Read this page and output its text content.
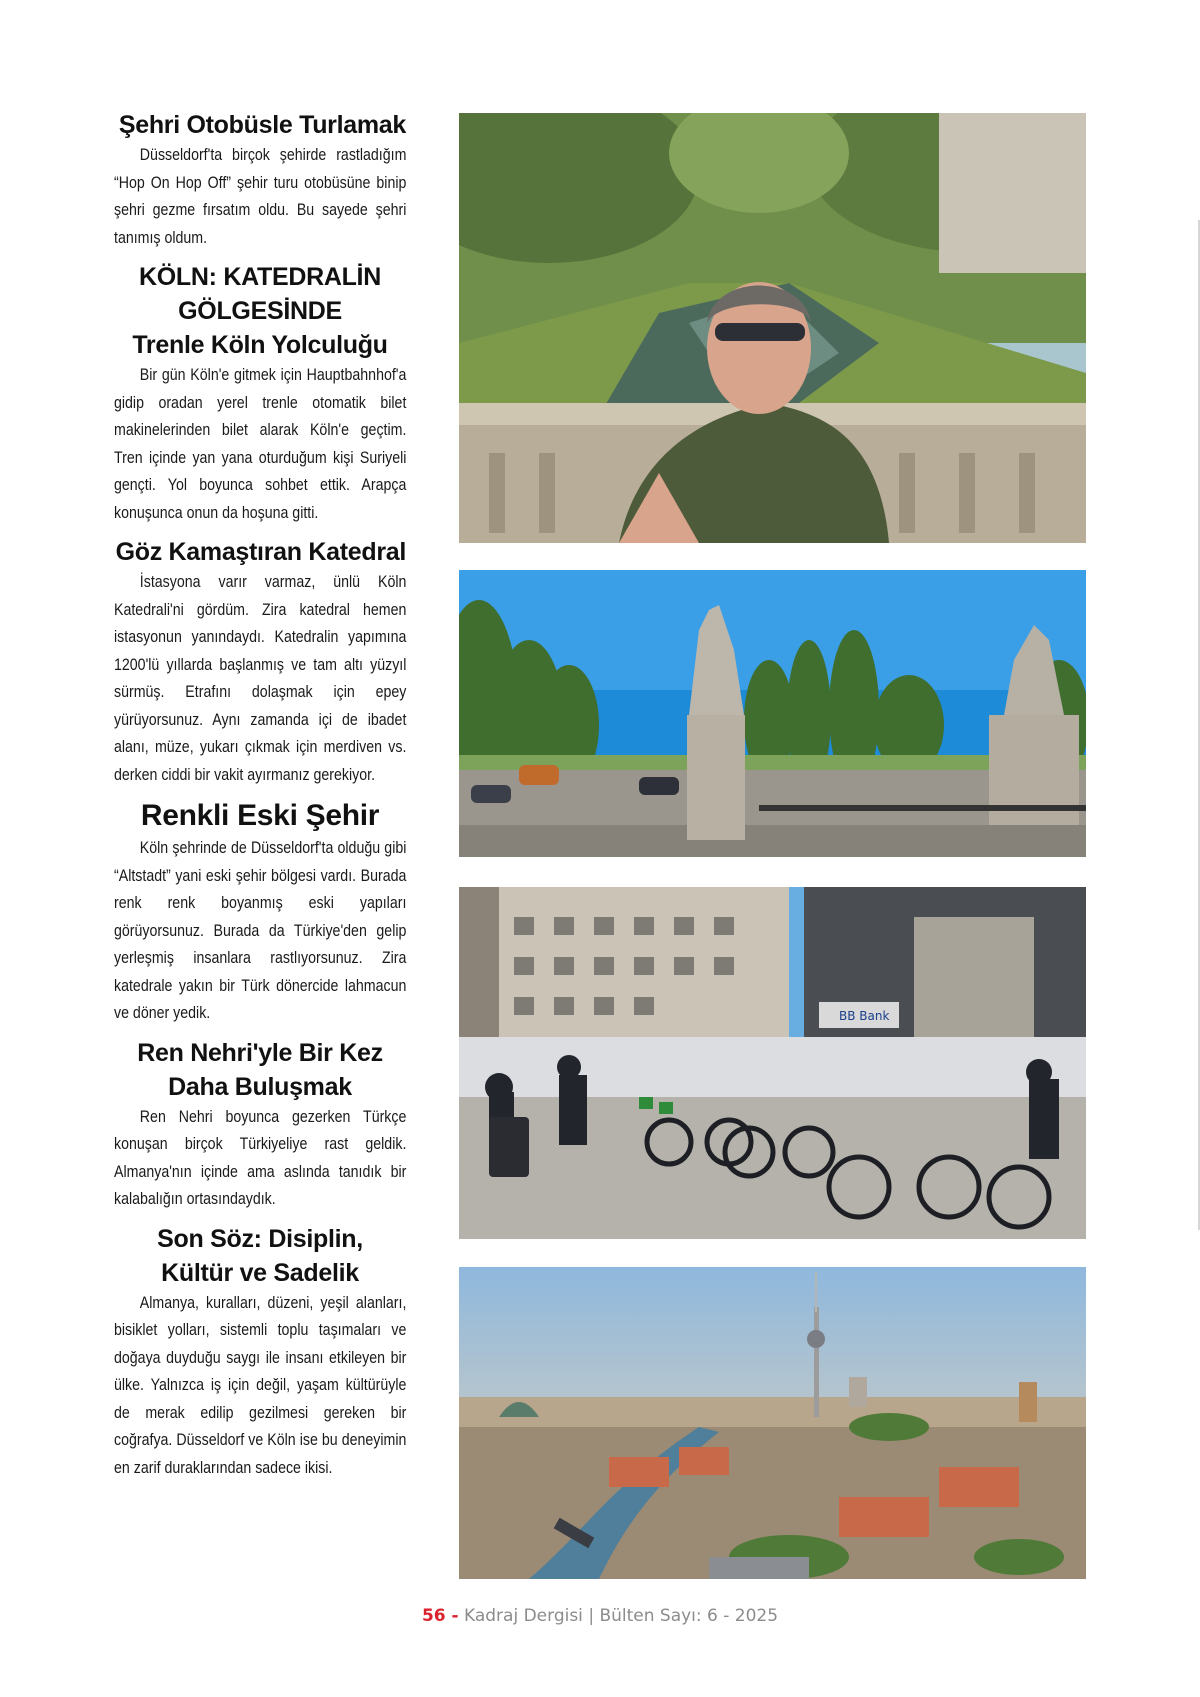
Şehri Otobüsle Turlamak

Düsseldorf'ta birçok şehirde rastladığım “Hop On Hop Off” şehir turu otobüsüne binip şehri gezme fırsatım oldu. Bu sayede şehri tanımış oldum.

KÖLN: KATEDRALİN
GÖLGESİNDE
Trenle Köln Yolculuğu

Bir gün Köln'e gitmek için Hauptbahnhof'a gidip oradan yerel trenle otomatik bilet makinelerinden bilet alarak Köln'e geçtim. Tren içinde yan yana oturduğum kişi Suriyeli gençti. Yol boyunca sohbet ettik. Arapça konuşunca onun da hoşuna gitti.

Göz Kamaştıran Katedral

İstasyona varır varmaz, ünlü Köln Katedrali'ni gördüm. Zira katedral hemen istasyonun yanındaydı. Katedralin yapımına 1200'lü yıllarda başlanmış ve tam altı yüzyıl sürmüş. Etrafını dolaşmak için epey yürüyorsunuz. Aynı zamanda içi de ibadet alanı, müze, yukarı çıkmak için merdiven vs. derken ciddi bir vakit ayırmanız gerekiyor.

Renkli Eski Şehir

Köln şehrinde de Düsseldorf'ta olduğu gibi “Altstadt” yani eski şehir bölgesi vardı. Burada renk renk boyanmış eski yapıları görüyorsunuz. Burada da Türkiye'den gelip yerleşmiş insanlara rastlıyorsunuz. Zira katedrale yakın bir Türk dönercide lahmacun ve döner yedik.

Ren Nehri'yle Bir Kez
Daha Buluşmak

Ren Nehri boyunca gezerken Türkçe konuşan birçok Türkiyeliye rast geldik. Almanya'nın içinde ama aslında tanıdık bir kalabalığın ortasındaydık.

Son Söz: Disiplin,
Kültür ve Sadelik

Almanya, kuralları, düzeni, yeşil alanları, bisiklet yolları, sistemli toplu taşımaları ve doğaya duyduğu saygı ile insanı etkileyen bir ülke. Yalnızca iş için değil, yaşam kültürüyle de merak edilip gezilmesi gereken bir coğrafya. Düsseldorf ve Köln ise bu deneyimin en zarif duraklarından sadece ikisi.

BB Bank
56 - Kadraj Dergisi | Bülten Sayı: 6 - 2025
